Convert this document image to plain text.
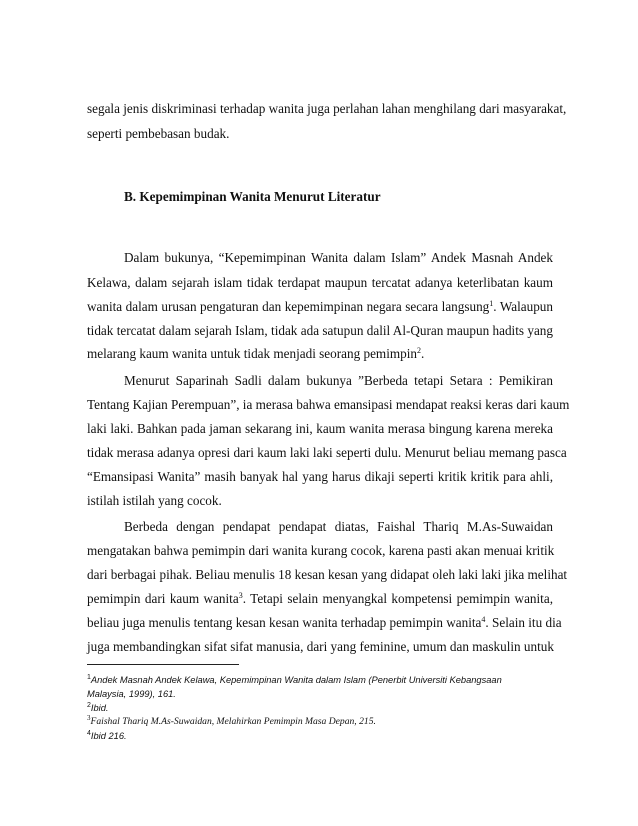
segala jenis diskriminasi terhadap wanita juga perlahan lahan menghilang dari masyarakat,
seperti pembebasan budak.
B. Kepemimpinan Wanita Menurut Literatur
Dalam bukunya, “Kepemimpinan Wanita dalam Islam” Andek Masnah Andek
Kelawa, dalam sejarah islam tidak terdapat maupun tercatat adanya keterlibatan kaum
wanita dalam urusan pengaturan dan kepemimpinan negara secara langsung$^1$. Walaupun
tidak tercatat dalam sejarah Islam, tidak ada satupun dalil Al-Quran maupun hadits yang
melarang kaum wanita untuk tidak menjadi seorang pemimpin$^2$.
Menurut Saparinah Sadli dalam bukunya ”Berbeda tetapi Setara : Pemikiran
Tentang Kajian Perempuan”, ia merasa bahwa emansipasi mendapat reaksi keras dari kaum
laki laki. Bahkan pada jaman sekarang ini, kaum wanita merasa bingung karena mereka
tidak merasa adanya opresi dari kaum laki laki seperti dulu. Menurut beliau memang pasca
“Emansipasi Wanita” masih banyak hal yang harus dikaji seperti kritik kritik para ahli,
istilah istilah yang cocok.
Berbeda dengan pendapat pendapat diatas, Faishal Thariq M.As-Suwaidan
mengatakan bahwa pemimpin dari wanita kurang cocok, karena pasti akan menuai kritik
dari berbagai pihak. Beliau menulis 18 kesan kesan yang didapat oleh laki laki jika melihat
pemimpin dari kaum wanita$^3$. Tetapi selain menyangkal kompetensi pemimpin wanita,
beliau juga menulis tentang kesan kesan wanita terhadap pemimpin wanita$^4$. Selain itu dia
juga membandingkan sifat sifat manusia, dari yang feminine, umum dan maskulin untuk
$^1$Andek Masnah Andek Kelawa, Kepemimpinan Wanita dalam Islam (Penerbit Universiti Kebangsaan
Malaysia, 1999), 161.
$^2$Ibid.
$^3$Faishal Thariq M.As-Suwaidan, Melahirkan Pemimpin Masa Depan, 215.
$^4$Ibid 216.
